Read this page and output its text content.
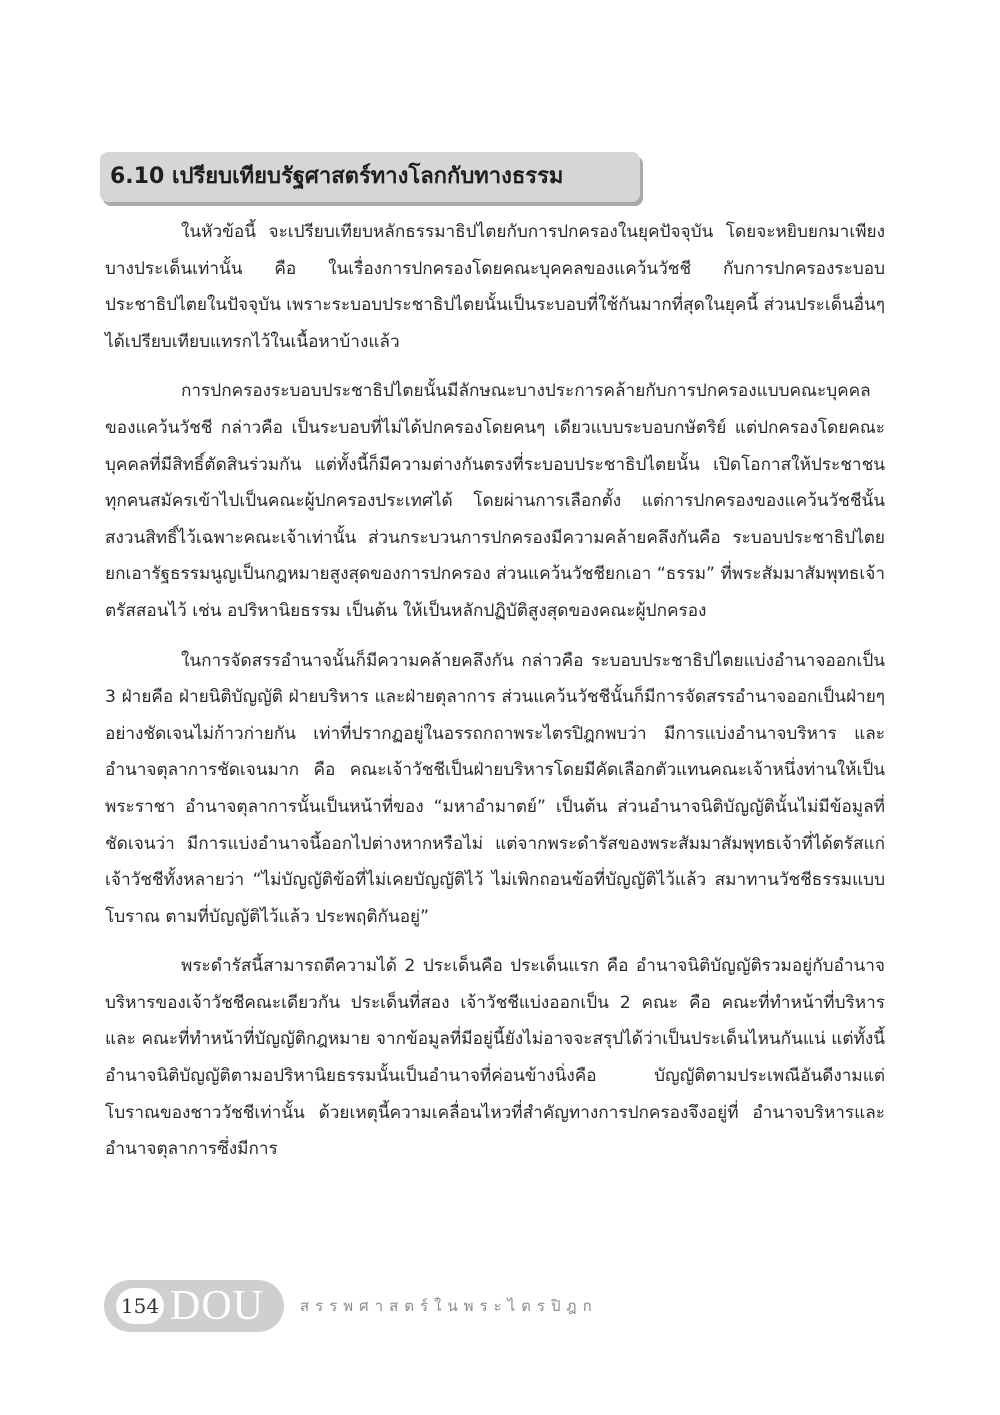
6.10 เปรียบเทียบรัฐศาสตร์ทางโลกกับทางธรรม

ในหัวข้อนี้ จะเปรียบเทียบหลักธรรมาธิปไตยกับการปกครองในยุคปัจจุบัน โดยจะหยิบยกมาเพียงบางประเด็นเท่านั้น คือ ในเรื่องการปกครองโดยคณะบุคคลของแคว้นวัชชี กับการปกครองระบอบประชาธิปไตยในปัจจุบัน เพราะระบอบประชาธิปไตยนั้นเป็นระบอบที่ใช้กันมากที่สุดในยุคนี้ ส่วนประเด็นอื่นๆ ได้เปรียบเทียบแทรกไว้ในเนื้อหาบ้างแล้ว

การปกครองระบอบประชาธิปไตยนั้นมีลักษณะบางประการคล้ายกับการปกครองแบบคณะบุคคลของแคว้นวัชชี กล่าวคือ เป็นระบอบที่ไม่ได้ปกครองโดยคนๆ เดียวแบบระบอบกษัตริย์ แต่ปกครองโดยคณะบุคคลที่มีสิทธิ์ตัดสินร่วมกัน แต่ทั้งนี้ก็มีความต่างกันตรงที่ระบอบประชาธิปไตยนั้น เปิดโอกาสให้ประชาชนทุกคนสมัครเข้าไปเป็นคณะผู้ปกครองประเทศได้ โดยผ่านการเลือกตั้ง แต่การปกครองของแคว้นวัชชีนั้นสงวนสิทธิ์ไว้เฉพาะคณะเจ้าเท่านั้น ส่วนกระบวนการปกครองมีความคล้ายคลึงกันคือ ระบอบประชาธิปไตยยกเอารัฐธรรมนูญเป็นกฎหมายสูงสุดของการปกครอง ส่วนแคว้นวัชชียกเอา “ธรรม” ที่พระสัมมาสัมพุทธเจ้าตรัสสอนไว้ เช่น อปริหานิยธรรม เป็นต้น ให้เป็นหลักปฏิบัติสูงสุดของคณะผู้ปกครอง

ในการจัดสรรอำนาจนั้นก็มีความคล้ายคลึงกัน กล่าวคือ ระบอบประชาธิปไตยแบ่งอำนาจออกเป็น 3 ฝ่ายคือ ฝ่ายนิติบัญญัติ ฝ่ายบริหาร และฝ่ายตุลาการ ส่วนแคว้นวัชชีนั้นก็มีการจัดสรรอำนาจออกเป็นฝ่ายๆอย่างชัดเจนไม่ก้าวก่ายกัน เท่าที่ปรากฏอยู่ในอรรถกถาพระไตรปิฎกพบว่า มีการแบ่งอำนาจบริหาร และ อำนาจตุลาการชัดเจนมาก คือ คณะเจ้าวัชชีเป็นฝ่ายบริหารโดยมีคัดเลือกตัวแทนคณะเจ้าหนึ่งท่านให้เป็นพระราชา อำนาจตุลาการนั้นเป็นหน้าที่ของ “มหาอำมาตย์” เป็นต้น ส่วนอำนาจนิติบัญญัตินั้นไม่มีข้อมูลที่ชัดเจนว่า มีการแบ่งอำนาจนี้ออกไปต่างหากหรือไม่ แต่จากพระดำรัสของพระสัมมาสัมพุทธเจ้าที่ได้ตรัสแก่เจ้าวัชชีทั้งหลายว่า “ไม่บัญญัติข้อที่ไม่เคยบัญญัติไว้ ไม่เพิกถอนข้อที่บัญญัติไว้แล้ว สมาทานวัชชีธรรมแบบโบราณ ตามที่บัญญัติไว้แล้ว ประพฤติกันอยู่”

พระดำรัสนี้สามารถตีความได้ 2 ประเด็นคือ ประเด็นแรก คือ อำนาจนิติบัญญัติรวมอยู่กับอำนาจบริหารของเจ้าวัชชีคณะเดียวกัน ประเด็นที่สอง เจ้าวัชชีแบ่งออกเป็น 2 คณะ คือ คณะที่ทำหน้าที่บริหาร และ คณะที่ทำหน้าที่บัญญัติกฎหมาย จากข้อมูลที่มีอยู่นี้ยังไม่อาจจะสรุปได้ว่าเป็นประเด็นไหนกันแน่ แต่ทั้งนี้อำนาจนิติบัญญัติตามอปริหานิยธรรมนั้นเป็นอำนาจที่ค่อนข้างนิ่งคือ บัญญัติตามประเพณีอันดีงามแต่โบราณของชาววัชชีเท่านั้น ด้วยเหตุนี้ความเคลื่อนไหวที่สำคัญทางการปกครองจึงอยู่ที่ อำนาจบริหารและอำนาจตุลาการซึ่งมีการ

154 DOU สรรพศาสตร์ในพระไตรปิฎก
